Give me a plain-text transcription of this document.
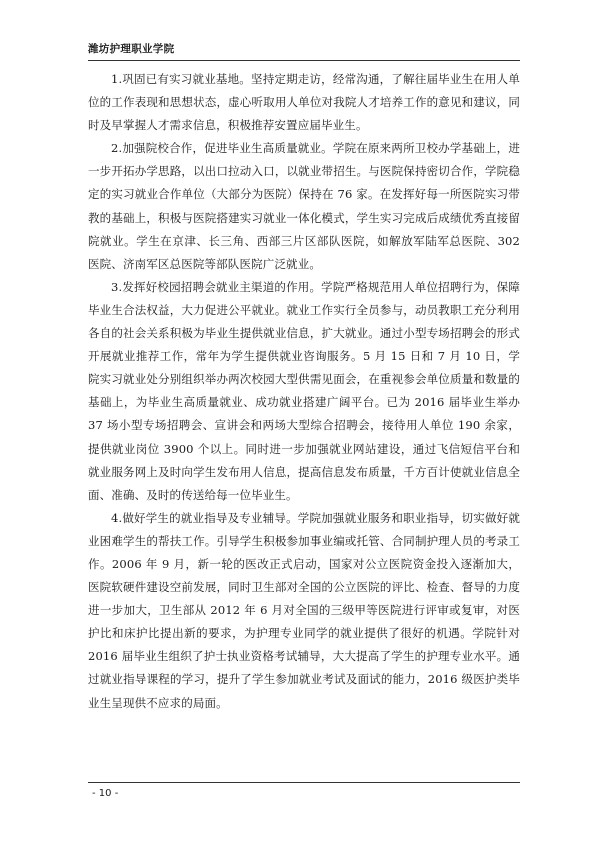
潍坊护理职业学院

1.巩固已有实习就业基地。坚持定期走访，经常沟通，了解往届毕业生在用人单位的工作表现和思想状态，虚心听取用人单位对我院人才培养工作的意见和建议，同时及早掌握人才需求信息，积极推荐安置应届毕业生。

2.加强院校合作，促进毕业生高质量就业。学院在原来两所卫校办学基础上，进一步开拓办学思路，以出口拉动入口，以就业带招生。与医院保持密切合作，学院稳定的实习就业合作单位（大部分为医院）保持在 76 家。在发挥好每一所医院实习带教的基础上，积极与医院搭建实习就业一体化模式，学生实习完成后成绩优秀直接留院就业。学生在京津、长三角、西部三片区部队医院，如解放军陆军总医院、302 医院、济南军区总医院等部队医院广泛就业。

3.发挥好校园招聘会就业主渠道的作用。学院严格规范用人单位招聘行为，保障毕业生合法权益，大力促进公平就业。就业工作实行全员参与，动员教职工充分利用各自的社会关系积极为毕业生提供就业信息，扩大就业。通过小型专场招聘会的形式开展就业推荐工作，常年为学生提供就业咨询服务。5 月 15 日和 7 月 10 日，学院实习就业处分别组织举办两次校园大型供需见面会，在重视参会单位质量和数量的基础上，为毕业生高质量就业、成功就业搭建广阔平台。已为 2016 届毕业生举办 37 场小型专场招聘会、宣讲会和两场大型综合招聘会，接待用人单位 190 余家，提供就业岗位 3900 个以上。同时进一步加强就业网站建设，通过飞信短信平台和就业服务网上及时向学生发布用人信息，提高信息发布质量，千方百计使就业信息全面、准确、及时的传送给每一位毕业生。

4.做好学生的就业指导及专业辅导。学院加强就业服务和职业指导，切实做好就业困难学生的帮扶工作。引导学生积极参加事业编或托管、合同制护理人员的考录工作。2006 年 9 月，新一轮的医改正式启动，国家对公立医院资金投入逐渐加大，医院软硬件建设空前发展，同时卫生部对全国的公立医院的评比、检查、督导的力度进一步加大，卫生部从 2012 年 6 月对全国的三级甲等医院进行评审或复审，对医护比和床护比提出新的要求，为护理专业同学的就业提供了很好的机遇。学院针对 2016 届毕业生组织了护士执业资格考试辅导，大大提高了学生的护理专业水平。通过就业指导课程的学习，提升了学生参加就业考试及面试的能力，2016 级医护类毕业生呈现供不应求的局面。

- 10 -
